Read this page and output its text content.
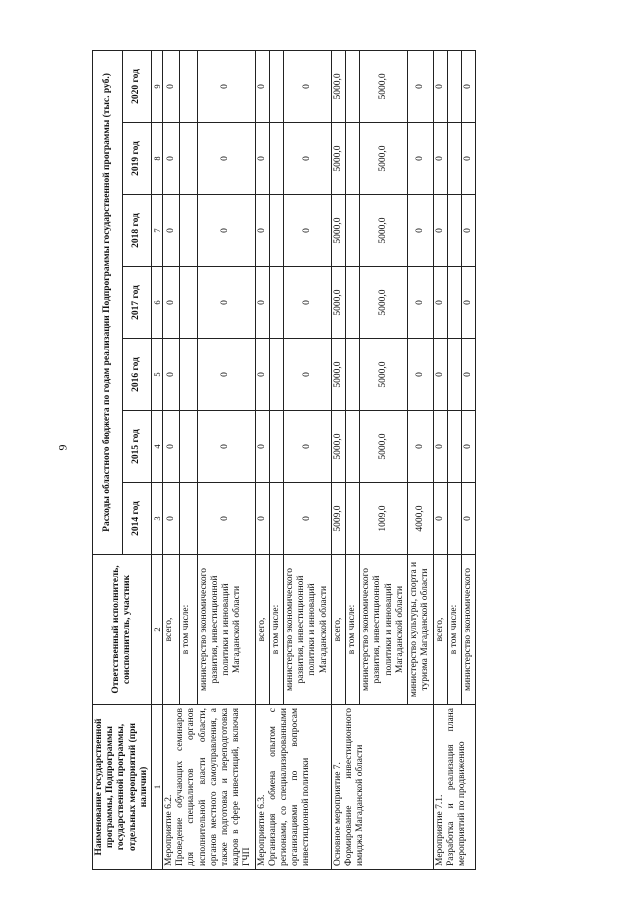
9
Наименование государственной программы, Подпрограммы государственной программы, отдельных мероприятий (при наличии)	Ответственный исполнитель, соисполнитель, участник	Расходы областного бюджета по годам реализации Подпрограммы государственной программы (тыс. руб.)						
		2014 год	2015 год	2016 год	2017 год	2018 год	2019 год	2020 год
1	2	3	4	5	6	7	8	9

Мероприятие 6.2. Проведение обучающих семинаров для специалистов органов исполнительной власти области, органов местного самоуправления, а также подготовка и переподготовка кадров в сфере инвестиций, включая ГЧП	всего,	0	0	0	0	0	0	0
	в том числе:							
	министерство экономического развития, инвестиционной политики и инноваций Магаданской области	0	0	0	0	0	0	0

Мероприятие 6.3. Организация обмена опытом с регионами, со специализированными организациями по вопросам инвестиционной политики	всего,	0	0	0	0	0	0	0
	в том числе:							
	министерство экономического развития, инвестиционной политики и инноваций Магаданской области	0	0	0	0	0	0	0

Основное мероприятие 7. Формирование инвестиционного имиджа Магаданской области	всего,	5009,0	5000,0	5000,0	5000,0	5000,0	5000,0	5000,0
	в том числе:							
	министерство экономического развития, инвестиционной политики и инноваций Магаданской области	1009,0	5000,0	5000,0	5000,0	5000,0	5000,0	5000,0
	министерство культуры, спорта и туризма Магаданской области	4000,0	0	0	0	0	0	0

Мероприятие 7.1. Разработка и реализация плана мероприятий по продвижению	всего,	0	0	0	0	0	0	0
	в том числе:							
	министерство экономического	0	0	0	0	0	0	0
